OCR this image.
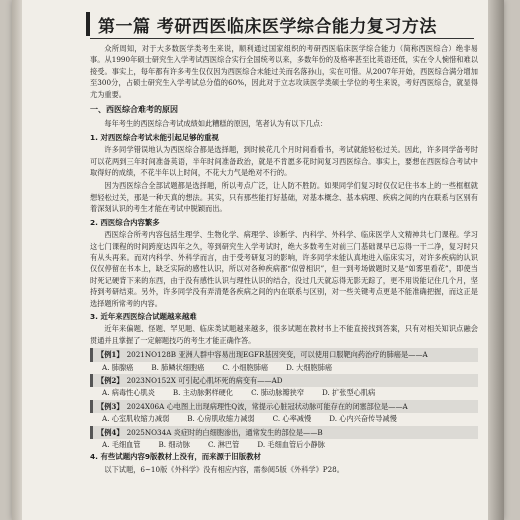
第一篇 考研西医临床医学综合能力复习方法

众所周知，对于大多数医学类考生来说，顺利通过国家组织的考研西医临床医学综合能力（简称西医综合）绝非易事。从1990年硕士研究生入学考试西医综合实行全国统考以来，多数年份的及格率甚至比英语还低，实在令人惋惜和难以接受。事实上，每年都有许多考生仅仅因为西医综合未能过关而名落孙山，实在可惜。从2007年开始，西医综合满分增加至300分，占硕士研究生入学考试总分值的60%，因此对于立志攻读医学类硕士学位的考生来说，考好西医综合，就显得尤为重要。

一、西医综合难考的原因

每年考生的西医综合考试成绩如此糟糕的原因，笔者认为有以下几点：

1. 对西医综合考试未能引起足够的重视

许多同学错误地认为西医综合都是选择题，到时候花几个月时间看看书，考试就能轻松过关。因此，许多同学备考时可以花两到三年时间准备英语，半年时间准备政治，就是不肯愿多花时间复习西医综合。事实上，要想在西医综合考试中取得好的成绩，不花半年以上时间，不花大力气是绝对不行的。

因为西医综合全部试题都是选择题，所以考点广泛，让人防不胜防。如果同学们复习时仅仅记住书本上的一些框框就想轻松过关，那是一种天真的想法。其实，只有那些能打好基础，对基本概念、基本病理、疾病之间的内在联系与区别有着深刻认识的考生才能在考试中脱颖而出。

2. 西医综合内容繁多

西医综合所考内容包括生理学、生物化学、病理学、诊断学、内科学、外科学、临床医学人文精神共七门课程。学习这七门课程的时间跨度达四年之久，等到研究生入学考试时，绝大多数考生对前三门基础课早已忘得一干二净，复习时只有从头再来。而对内科学、外科学而言，由于受考研复习的影响，许多同学未能认真地进入临床实习，对许多疾病的认识仅仅停留在书本上，缺乏实际的感性认识，所以对各种疾病都“似曾相识”，但一到考场做题时又是“如雾里看花”，即使当时死记硬背下来的东西，由于没有感性认识与理性认识的结合，没过几天就忘得无影无踪了，更不用说能记住几个月，坚持到考研结束。另外，许多同学没有弄清楚各疾病之间的内在联系与区别，对一些关键考点更是不能准确把握，而这正是选择题所常考的内容。

3. 近年来西医综合试题越来越难

近年来偏题、怪题、罕见题、临床类试题越来越多，很多试题在教材书上不能直接找到答案，只有对相关知识点融会贯通并且掌握了一定解题技巧的考生才能正确作答。

【例1】 2021NO128B 亚洲人群中容易出现EGFR基因突变，可以使用口服靶向药治疗的肺癌是——A
A. 肺腺癌	B. 肺鳞状细胞癌	C. 小细胞肺癌	D. 大细胞肺癌
【例2】 2023NO152X 可引起心肌坏死的病变有——AD
A. 病毒性心肌炎	B. 主动脉粥样硬化	C. 肺动脉瓣狭窄	D. 扩张型心肌病
【例3】 2024X06A 心电图上出现病理性Q波，常提示心脏冠状动脉可能存在的闭塞部位是——A
A. 心室肌收缩力减弱	B. 心房肌收缩力减弱	C. 心率减慢	D. 心内兴奋传导减慢
【例4】 2025NO34A 炎症时的白细胞渗出，通常发生的部位是——B
A. 毛细血管	B. 细动脉	C. 淋巴管	D. 毛细血管后小静脉
4. 有些试题内容9版教材上没有，而来源于旧版教材

以下试题，6~10版《外科学》没有相应内容，需参阅5版《外科学》P28。
